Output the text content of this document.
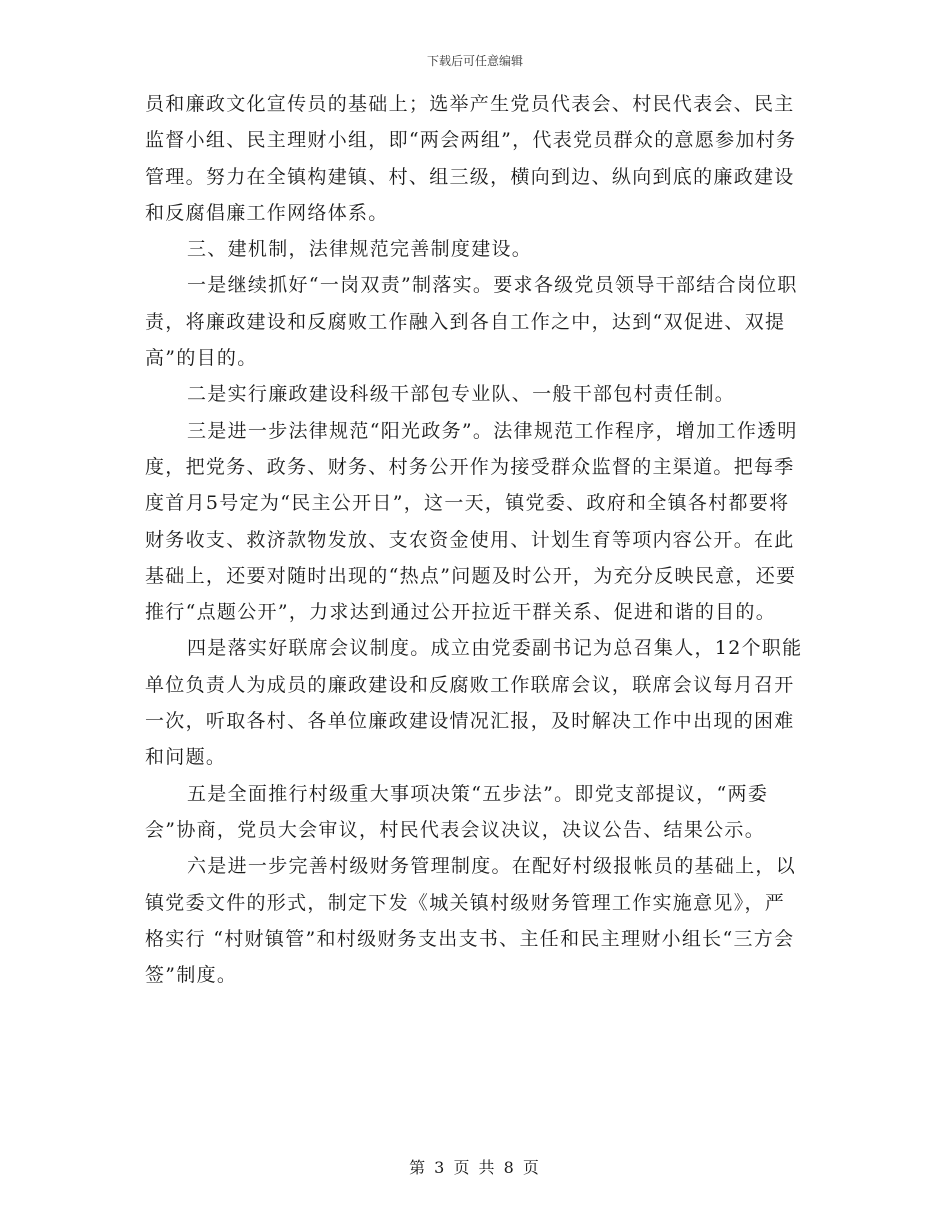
下载后可任意编辑

员和廉政文化宣传员的基础上；选举产生党员代表会、村民代表会、民主监督小组、民主理财小组，即“两会两组”，代表党员群众的意愿参加村务管理。努力在全镇构建镇、村、组三级，横向到边、纵向到底的廉政建设和反腐倡廉工作网络体系。

三、建机制，法律规范完善制度建设。

一是继续抓好“一岗双责”制落实。要求各级党员领导干部结合岗位职责，将廉政建设和反腐败工作融入到各自工作之中，达到“双促进、双提高”的目的。

二是实行廉政建设科级干部包专业队、一般干部包村责任制。

三是进一步法律规范“阳光政务”。法律规范工作程序，增加工作透明度，把党务、政务、财务、村务公开作为接受群众监督的主渠道。把每季度首月5号定为“民主公开日”，这一天，镇党委、政府和全镇各村都要将财务收支、救济款物发放、支农资金使用、计划生育等项内容公开。在此基础上，还要对随时出现的“热点”问题及时公开，为充分反映民意，还要推行“点题公开”，力求达到通过公开拉近干群关系、促进和谐的目的。

四是落实好联席会议制度。成立由党委副书记为总召集人，12个职能单位负责人为成员的廉政建设和反腐败工作联席会议，联席会议每月召开一次，听取各村、各单位廉政建设情况汇报，及时解决工作中出现的困难和问题。

五是全面推行村级重大事项决策“五步法”。即党支部提议，“两委会”协商，党员大会审议，村民代表会议决议，决议公告、结果公示。

六是进一步完善村级财务管理制度。在配好村级报帐员的基础上，以镇党委文件的形式，制定下发《城关镇村级财务管理工作实施意见》，严格实行 “村财镇管”和村级财务支出支书、主任和民主理财小组长“三方会签”制度。

第 3 页 共 8 页
